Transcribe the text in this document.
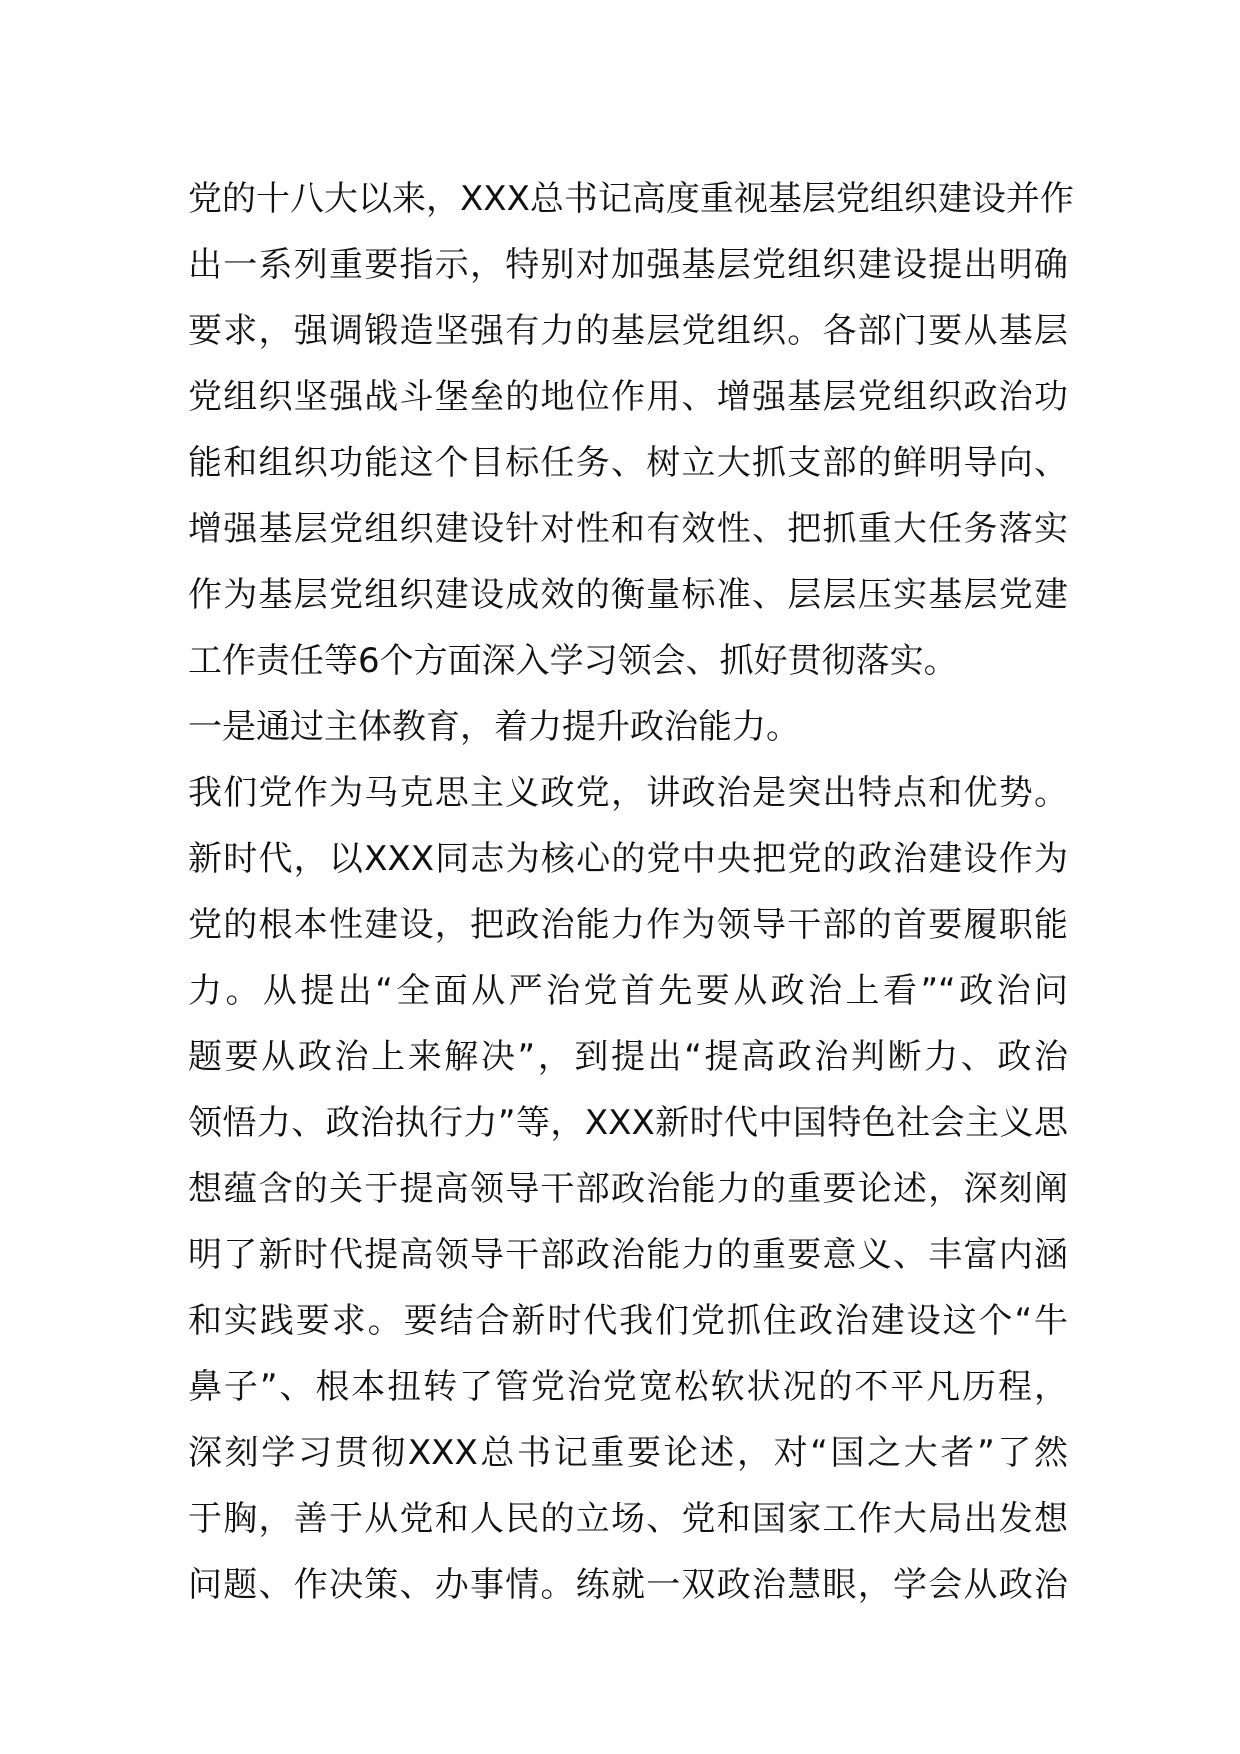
党的十八大以来，XXX总书记高度重视基层党组织建设并作
出一系列重要指示，特别对加强基层党组织建设提出明确
要求，强调锻造坚强有力的基层党组织。各部门要从基层
党组织坚强战斗堡垒的地位作用、增强基层党组织政治功
能和组织功能这个目标任务、树立大抓支部的鲜明导向、
增强基层党组织建设针对性和有效性、把抓重大任务落实
作为基层党组织建设成效的衡量标准、层层压实基层党建
工作责任等6个方面深入学习领会、抓好贯彻落实。
一是通过主体教育，着力提升政治能力。
我们党作为马克思主义政党，讲政治是突出特点和优势。
新时代，以XXX同志为核心的党中央把党的政治建设作为
党的根本性建设，把政治能力作为领导干部的首要履职能
力。从提出“全面从严治党首先要从政治上看”“政治问
题要从政治上来解决”，到提出“提高政治判断力、政治
领悟力、政治执行力”等，XXX新时代中国特色社会主义思
想蕴含的关于提高领导干部政治能力的重要论述，深刻阐
明了新时代提高领导干部政治能力的重要意义、丰富内涵
和实践要求。要结合新时代我们党抓住政治建设这个“牛
鼻子”、根本扭转了管党治党宽松软状况的不平凡历程，
深刻学习贯彻XXX总书记重要论述，对“国之大者”了然
于胸，善于从党和人民的立场、党和国家工作大局出发想
问题、作决策、办事情。练就一双政治慧眼，学会从政治
